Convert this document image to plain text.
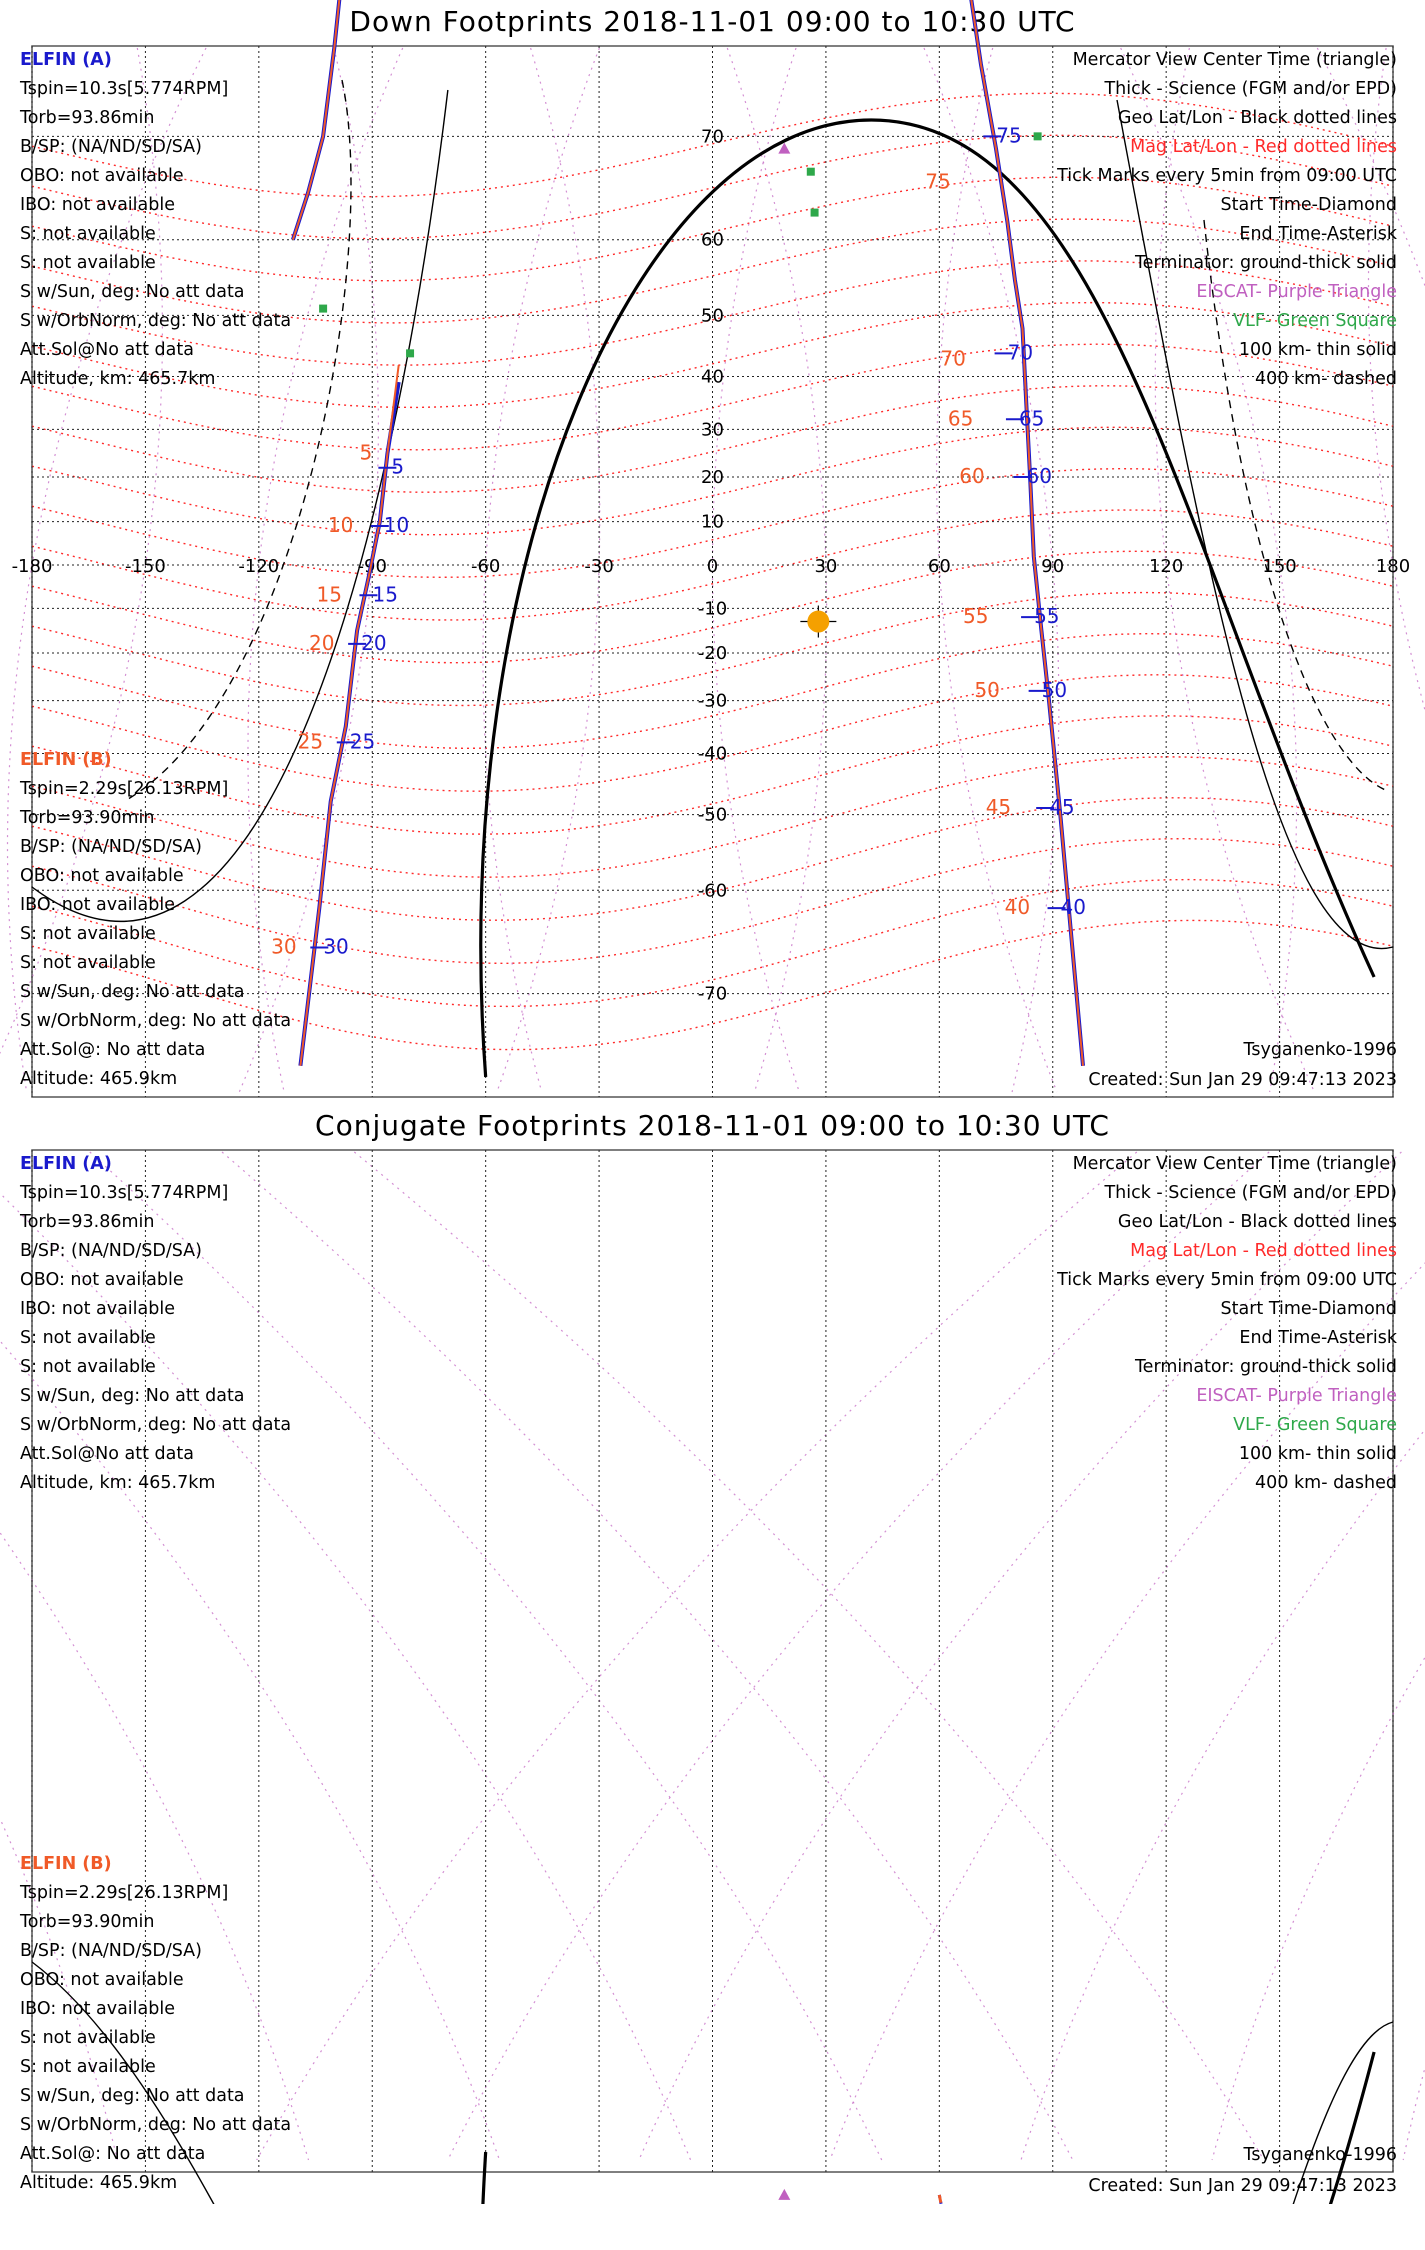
Down Footprints 2018-11-01 09:00 to 10:30 UTC
-180	-150	-120	-90	-60	-30	0	30	60	90	120	150	180
-70
-60
-50
-40
-30
-20
-10
10
20
30
40
50
60
70
5
10
15
20
25
30
75
70
65
60
55
50
45
40
5
10
15
20
25
30
75
70
65
60
55
50
45
40
ELFIN (A)
Tspin=10.3s[5.774RPM]
Torb=93.86min
B/SP: (NA/ND/SD/SA)
OBO: not available
IBO: not available
S: not available
S: not available
S w/Sun, deg: No att data
S w/OrbNorm, deg: No att data
Att.Sol@No att data
Altitude, km: 465.7km
ELFIN (B)
Tspin=2.29s[26.13RPM]
Torb=93.90min
B/SP: (NA/ND/SD/SA)
OBO: not available
IBO: not available
S: not available
S: not available
S w/Sun, deg: No att data
S w/OrbNorm, deg: No att data
Att.Sol@: No att data
Altitude: 465.9km
Mercator View Center Time (triangle)
Thick - Science (FGM and/or EPD)
Geo Lat/Lon - Black dotted lines
Mag Lat/Lon - Red dotted lines
Tick Marks every 5min from 09:00 UTC
Start Time-Diamond
End Time-Asterisk
Terminator: ground-thick solid
EISCAT- Purple Triangle
VLF- Green Square
100 km- thin solid
400 km- dashed
Tsyganenko-1996
Created: Sun Jan 29 09:47:13 2023
Conjugate Footprints 2018-11-01 09:00 to 10:30 UTC
ELFIN (A)
Tspin=10.3s[5.774RPM]
Torb=93.86min
B/SP: (NA/ND/SD/SA)
OBO: not available
IBO: not available
S: not available
S: not available
S w/Sun, deg: No att data
S w/OrbNorm, deg: No att data
Att.Sol@No att data
Altitude, km: 465.7km
ELFIN (B)
Tspin=2.29s[26.13RPM]
Torb=93.90min
B/SP: (NA/ND/SD/SA)
OBO: not available
IBO: not available
S: not available
S: not available
S w/Sun, deg: No att data
S w/OrbNorm, deg: No att data
Att.Sol@: No att data
Altitude: 465.9km
Mercator View Center Time (triangle)
Thick - Science (FGM and/or EPD)
Geo Lat/Lon - Black dotted lines
Mag Lat/Lon - Red dotted lines
Tick Marks every 5min from 09:00 UTC
Start Time-Diamond
End Time-Asterisk
Terminator: ground-thick solid
EISCAT- Purple Triangle
VLF- Green Square
100 km- thin solid
400 km- dashed
Tsyganenko-1996
Created: Sun Jan 29 09:47:13 2023
